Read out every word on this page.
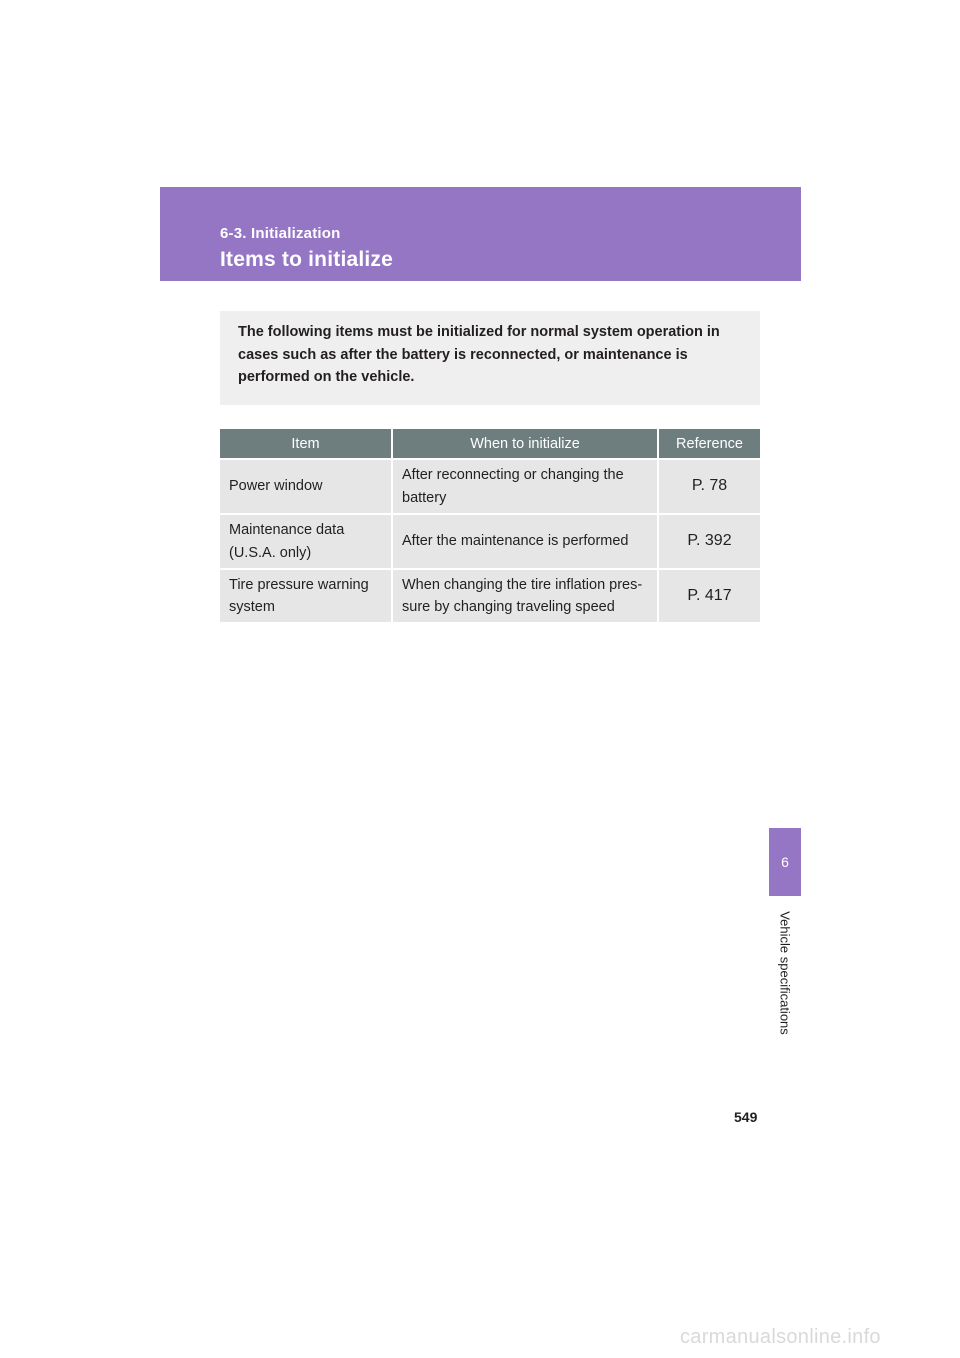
6-3. Initialization
Items to initialize

The following items must be initialized for normal system operation in cases such as after the battery is reconnected, or maintenance is performed on the vehicle.

Item	When to initialize	Reference
Power window	After reconnecting or changing the battery	P. 78
Maintenance data (U.S.A. only)	After the maintenance is performed	P. 392
Tire pressure warning system	When changing the tire inflation pres-sure by changing traveling speed	P. 417
6
Vehicle specifications
549
carmanualsonline.info
